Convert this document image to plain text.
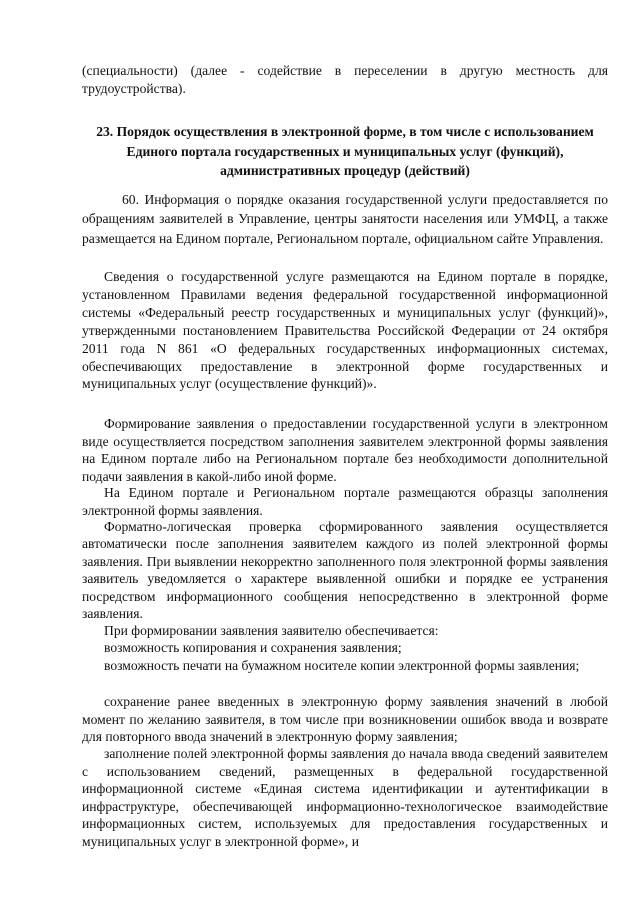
(специальности) (далее - содействие в переселении в другую местность для трудоустройства).

23. Порядок осуществления в электронной форме, в том числе с использованием Единого портала государственных и муниципальных услуг (функций), административных процедур (действий)

60. Информация о порядке оказания государственной услуги предоставляется по обращениям заявителей в Управление, центры занятости населения или УМФЦ, а также размещается на Едином портале, Региональном портале, официальном сайте Управления.

Сведения о государственной услуге размещаются на Едином портале в порядке, установленном Правилами ведения федеральной государственной информационной системы «Федеральный реестр государственных и муниципальных услуг (функций)», утвержденными постановлением Правительства Российской Федерации от 24 октября 2011 года N 861 «О федеральных государственных информационных системах, обеспечивающих предоставление в электронной форме государственных и муниципальных услуг (осуществление функций)».

Формирование заявления о предоставлении государственной услуги в электронном виде осуществляется посредством заполнения заявителем электронной формы заявления на Едином портале либо на Региональном портале без необходимости дополнительной подачи заявления в какой-либо иной форме.

На Едином портале и Региональном портале размещаются образцы заполнения электронной формы заявления.

Форматно-логическая проверка сформированного заявления осуществляется автоматически после заполнения заявителем каждого из полей электронной формы заявления. При выявлении некорректно заполненного поля электронной формы заявления заявитель уведомляется о характере выявленной ошибки и порядке ее устранения посредством информационного сообщения непосредственно в электронной форме заявления.

При формировании заявления заявителю обеспечивается:

возможность копирования и сохранения заявления;

возможность печати на бумажном носителе копии электронной формы заявления;

сохранение ранее введенных в электронную форму заявления значений в любой момент по желанию заявителя, в том числе при возникновении ошибок ввода и возврате для повторного ввода значений в электронную форму заявления;

заполнение полей электронной формы заявления до начала ввода сведений заявителем с использованием сведений, размещенных в федеральной государственной информационной системе «Единая система идентификации и аутентификации в инфраструктуре, обеспечивающей информационно-технологическое взаимодействие информационных систем, используемых для предоставления государственных и муниципальных услуг в электронной форме», и
